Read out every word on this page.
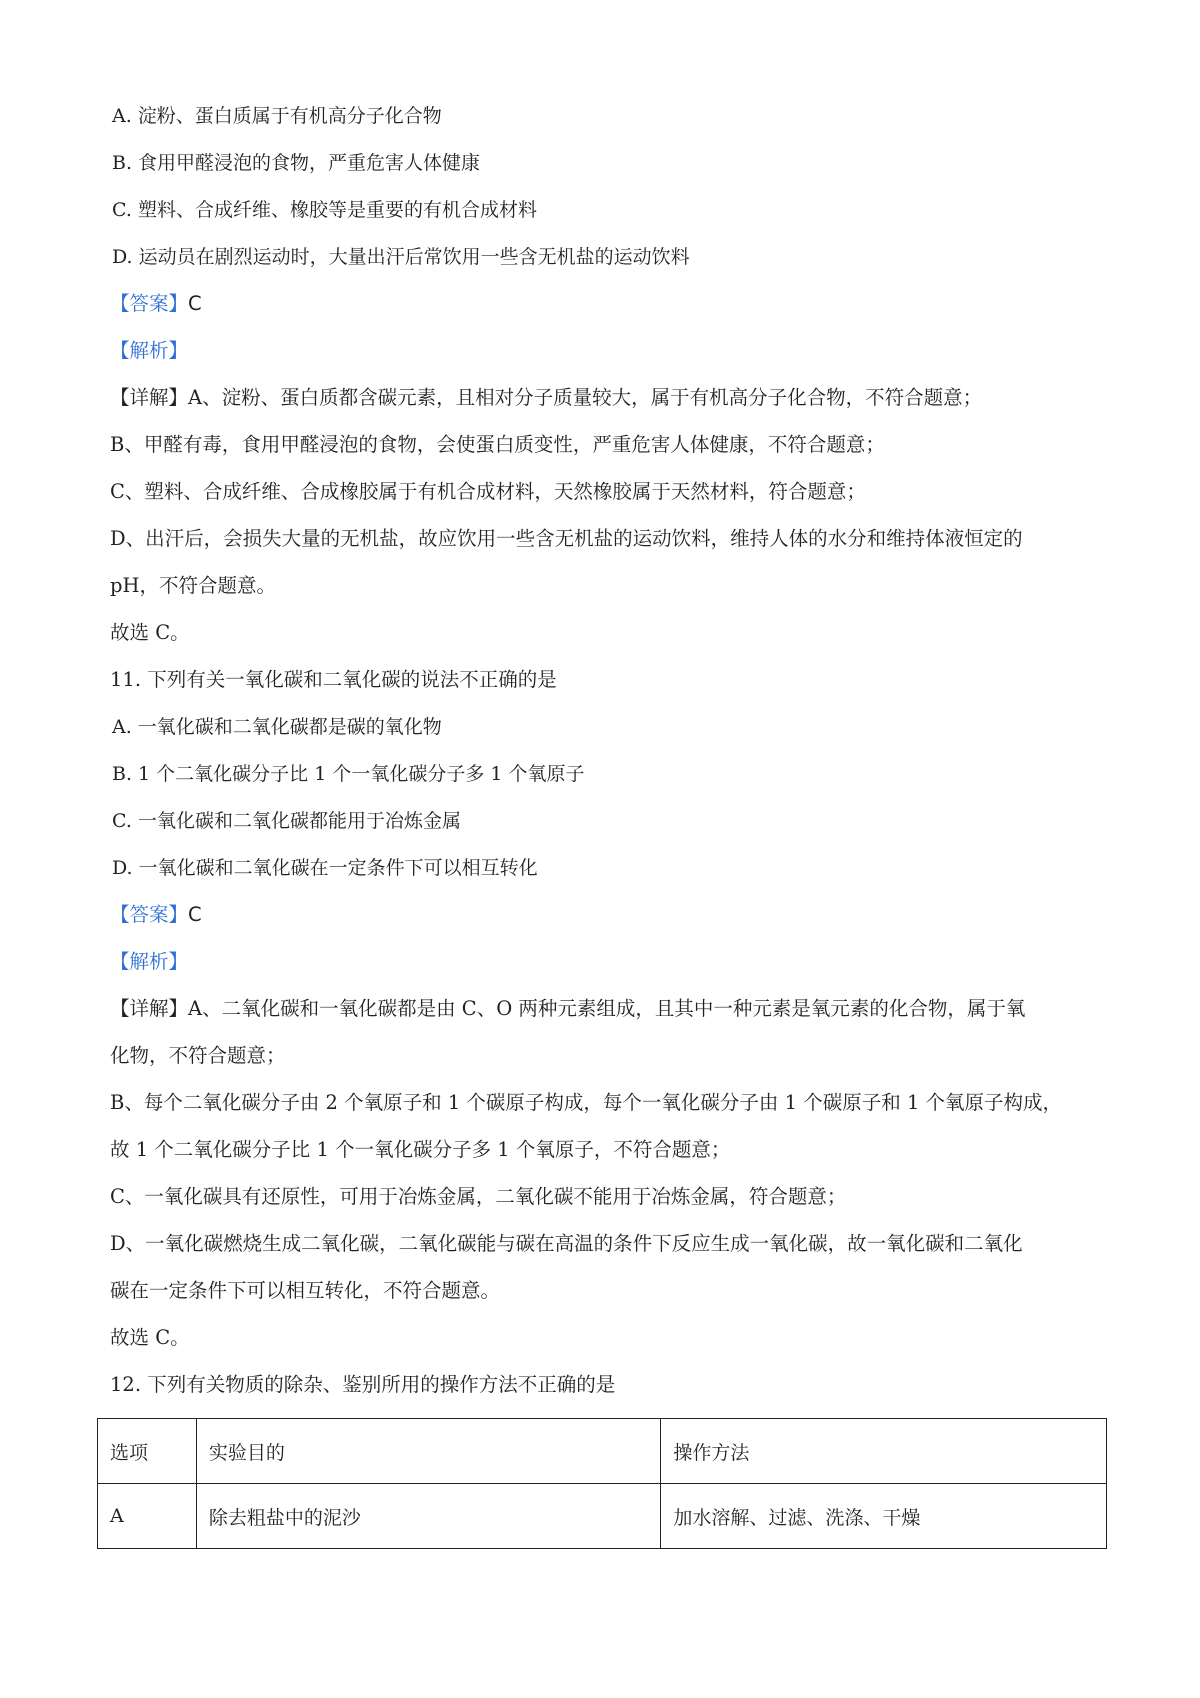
A. 淀粉、蛋白质属于有机高分子化合物
B. 食用甲醛浸泡的食物，严重危害人体健康
C. 塑料、合成纤维、橡胶等是重要的有机合成材料
D. 运动员在剧烈运动时，大量出汗后常饮用一些含无机盐的运动饮料
【答案】C
【解析】
【详解】A、淀粉、蛋白质都含碳元素，且相对分子质量较大，属于有机高分子化合物，不符合题意；
B、甲醛有毒，食用甲醛浸泡的食物，会使蛋白质变性，严重危害人体健康，不符合题意；
C、塑料、合成纤维、合成橡胶属于有机合成材料，天然橡胶属于天然材料，符合题意；
D、出汗后，会损失大量的无机盐，故应饮用一些含无机盐的运动饮料，维持人体的水分和维持体液恒定的
pH，不符合题意。
故选 C。
11. 下列有关一氧化碳和二氧化碳的说法不正确的是
A. 一氧化碳和二氧化碳都是碳的氧化物
B. 1 个二氧化碳分子比 1 个一氧化碳分子多 1 个氧原子
C. 一氧化碳和二氧化碳都能用于冶炼金属
D. 一氧化碳和二氧化碳在一定条件下可以相互转化
【答案】C
【解析】
【详解】A、二氧化碳和一氧化碳都是由 C、O 两种元素组成，且其中一种元素是氧元素的化合物，属于氧
化物，不符合题意；
B、每个二氧化碳分子由 2 个氧原子和 1 个碳原子构成，每个一氧化碳分子由 1 个碳原子和 1 个氧原子构成，
故 1 个二氧化碳分子比 1 个一氧化碳分子多 1 个氧原子，不符合题意；
C、一氧化碳具有还原性，可用于冶炼金属，二氧化碳不能用于冶炼金属，符合题意；
D、一氧化碳燃烧生成二氧化碳，二氧化碳能与碳在高温的条件下反应生成一氧化碳，故一氧化碳和二氧化
碳在一定条件下可以相互转化，不符合题意。
故选 C。
12. 下列有关物质的除杂、鉴别所用的操作方法不正确的是
选项	实验目的	操作方法
A	除去粗盐中的泥沙	加水溶解、过滤、洗涤、干燥
